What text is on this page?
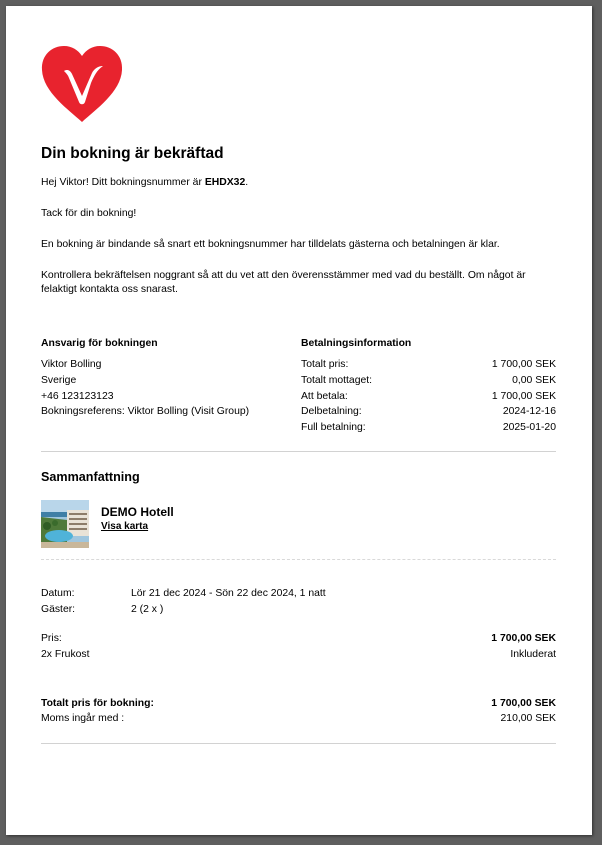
Din bokning är bekräftad

Hej Viktor! Ditt bokningsnummer är EHDX32.

Tack för din bokning!

En bokning är bindande så snart ett bokningsnummer har tilldelats gästerna och betalningen är klar.

Kontrollera bekräftelsen noggrant så att du vet att den överensstämmer med vad du beställt. Om något är felaktigt kontakta oss snarast.

Ansvarig för bokningen
Viktor Bolling
Sverige
+46 123123123
Bokningsreferens: Viktor Bolling (Visit Group)
Betalningsinformation
Totalt pris:	1 700,00 SEK
Totalt mottaget:	0,00 SEK
Att betala:	1 700,00 SEK
Delbetalning:	2024-12-16
Full betalning:	2025-01-20
Sammanfattning
DEMO Hotell
Visa karta
Datum:	Lör 21 dec 2024 - Sön 22 dec 2024, 1 natt
Gäster:	2 (2 x )
Pris:	1 700,00 SEK
2x Frukost	Inkluderat
Totalt pris för bokning:	1 700,00 SEK
Moms ingår med :	210,00 SEK
